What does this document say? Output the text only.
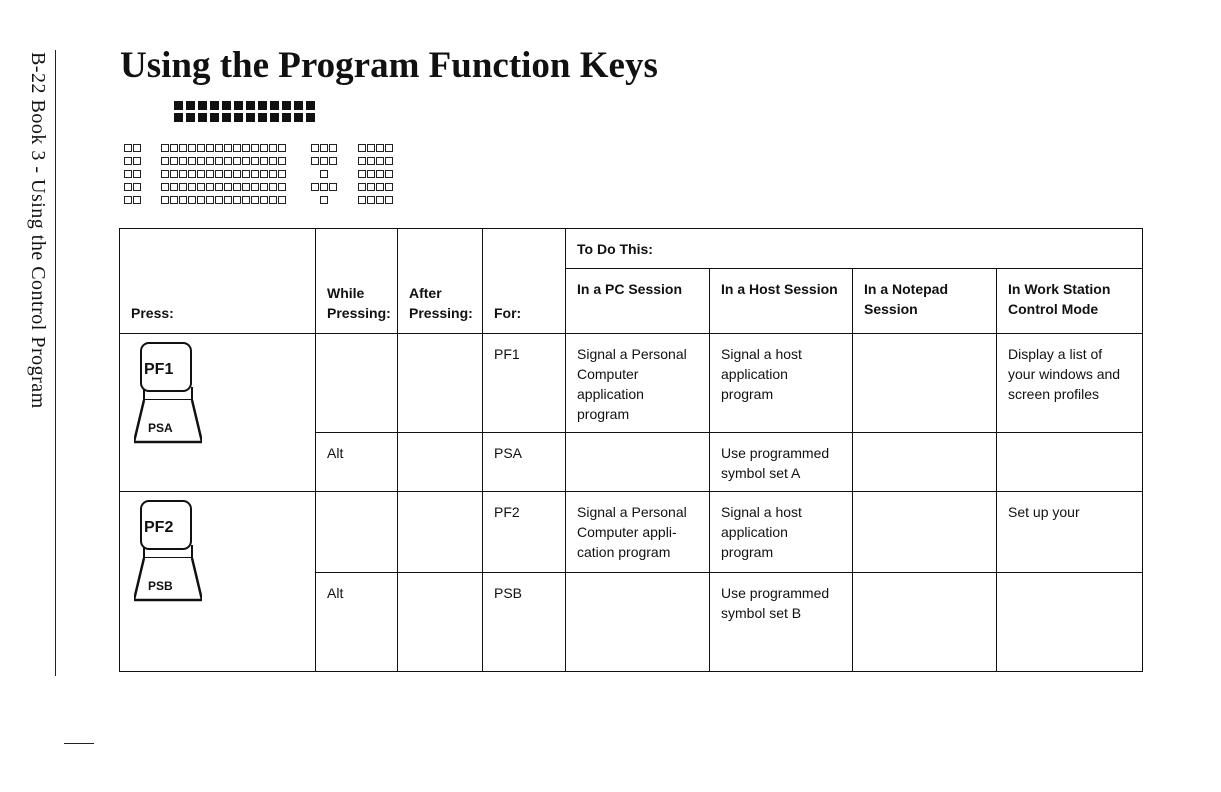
B-22 Book 3 - Using the Control Program Using the Program Function Keys
Press:	While Pressing:	After Pressing:	For:	To Do This:			
				In a PC Session	In a Host Session	In a Notepad Session	In Work Station Control Mode

PF1
PSA			PF1	Signal a Personal Computer application program	Signal a host application program		Display a list of your windows and screen profiles
	Alt		PSA		Use programmed symbol set A		

PF2
PSB			PF2	Signal a Personal Computer appli-cation program	Signal a host application program		Set up your
	Alt		PSB		Use programmed symbol set B		
